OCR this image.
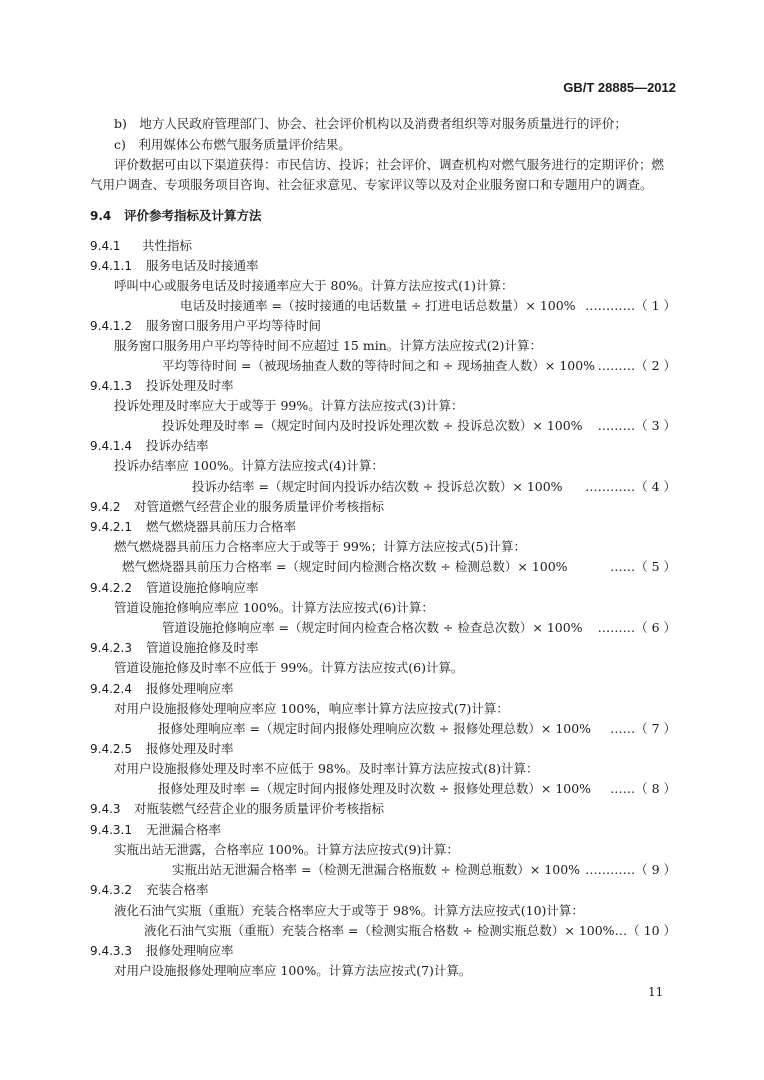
GB/T 28885—2012
b)　地方人民政府管理部门、协会、社会评价机构以及消费者组织等对服务质量进行的评价；
c)　利用媒体公布燃气服务质量评价结果。
评价数据可由以下渠道获得：市民信访、投诉；社会评价、调查机构对燃气服务进行的定期评价；燃
气用户调查、专项服务项目咨询、社会征求意见、专家评议等以及对企业服务窗口和专题用户的调查。
9.4 评价参考指标及计算方法
9.4.1 共性指标
9.4.1.1 服务电话及时接通率
呼叫中心或服务电话及时接通率应大于 80%。计算方法应按式(1)计算：
电话及时接通率 =（按时接通的电话数量 ÷ 打进电话总数量）× 100% …………（ 1 ）
9.4.1.2 服务窗口服务用户平均等待时间
服务窗口服务用户平均等待时间不应超过 15 min。计算方法应按式(2)计算：
平均等待时间 =（被现场抽查人数的等待时间之和 ÷ 现场抽查人数）× 100% ………（ 2 ）
9.4.1.3 投诉处理及时率
投诉处理及时率应大于或等于 99%。计算方法应按式(3)计算：
投诉处理及时率 =（规定时间内及时投诉处理次数 ÷ 投诉总次数）× 100% ………（ 3 ）
9.4.1.4 投诉办结率
投诉办结率应 100%。计算方法应按式(4)计算：
投诉办结率 =（规定时间内投诉办结次数 ÷ 投诉总次数）× 100% …………（ 4 ）
9.4.2 对管道燃气经营企业的服务质量评价考核指标
9.4.2.1 燃气燃烧器具前压力合格率
燃气燃烧器具前压力合格率应大于或等于 99%；计算方法应按式(5)计算：
燃气燃烧器具前压力合格率 =（规定时间内检测合格次数 ÷ 检测总数）× 100%	……（ 5 ）
9.4.2.2 管道设施抢修响应率
管道设施抢修响应率应 100%。计算方法应按式(6)计算：
管道设施抢修响应率 =（规定时间内检查合格次数 ÷ 检查总次数）× 100% ………（ 6 ）
9.4.2.3 管道设施抢修及时率
管道设施抢修及时率不应低于 99%。计算方法应按式(6)计算。
9.4.2.4 报修处理响应率
对用户设施报修处理响应率应 100%，响应率计算方法应按式(7)计算：
报修处理响应率 =（规定时间内报修处理响应次数 ÷ 报修处理总数）× 100% ……（ 7 ）
9.4.2.5 报修处理及时率
对用户设施报修处理及时率不应低于 98%。及时率计算方法应按式(8)计算：
报修处理及时率 =（规定时间内报修处理及时次数 ÷ 报修处理总数）× 100% ……（ 8 ）
9.4.3 对瓶装燃气经营企业的服务质量评价考核指标
9.4.3.1 无泄漏合格率
实瓶出站无泄露，合格率应 100%。计算方法应按式(9)计算：
实瓶出站无泄漏合格率 =（检测无泄漏合格瓶数 ÷ 检测总瓶数）× 100% …………（ 9 ）
9.4.3.2 充装合格率
液化石油气实瓶（重瓶）充装合格率应大于或等于 98%。计算方法应按式(10)计算：
液化石油气实瓶（重瓶）充装合格率 =（检测实瓶合格数 ÷ 检测实瓶总数）× 100% …（ 10 ）
9.4.3.3 报修处理响应率
对用户设施报修处理响应率应 100%。计算方法应按式(7)计算。
11
